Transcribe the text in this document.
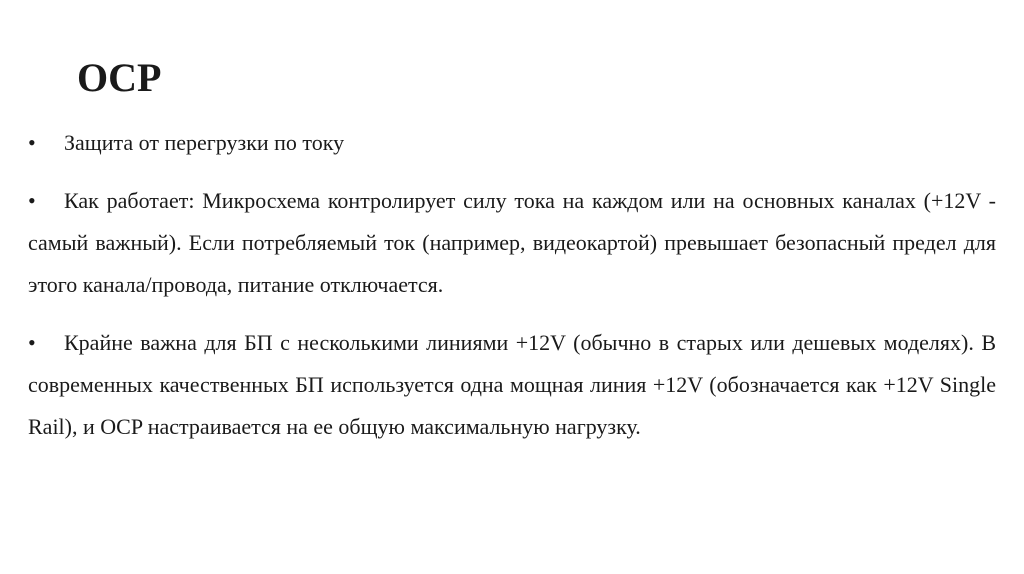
OCP
•	Защита от перегрузки по току
•	Как работает: Микросхема контролирует силу тока на каждом или на основных каналах (+12V - самый важный). Если потребляемый ток (например, видеокартой) превышает безопасный предел для этого канала/провода, питание отключается.
•	Крайне важна для БП с несколькими линиями +12V (обычно в старых или дешевых моделях). В современных качественных БП используется одна мощная линия +12V (обозначается как +12V Single Rail), и OCP настраивается на ее общую максимальную нагрузку.
